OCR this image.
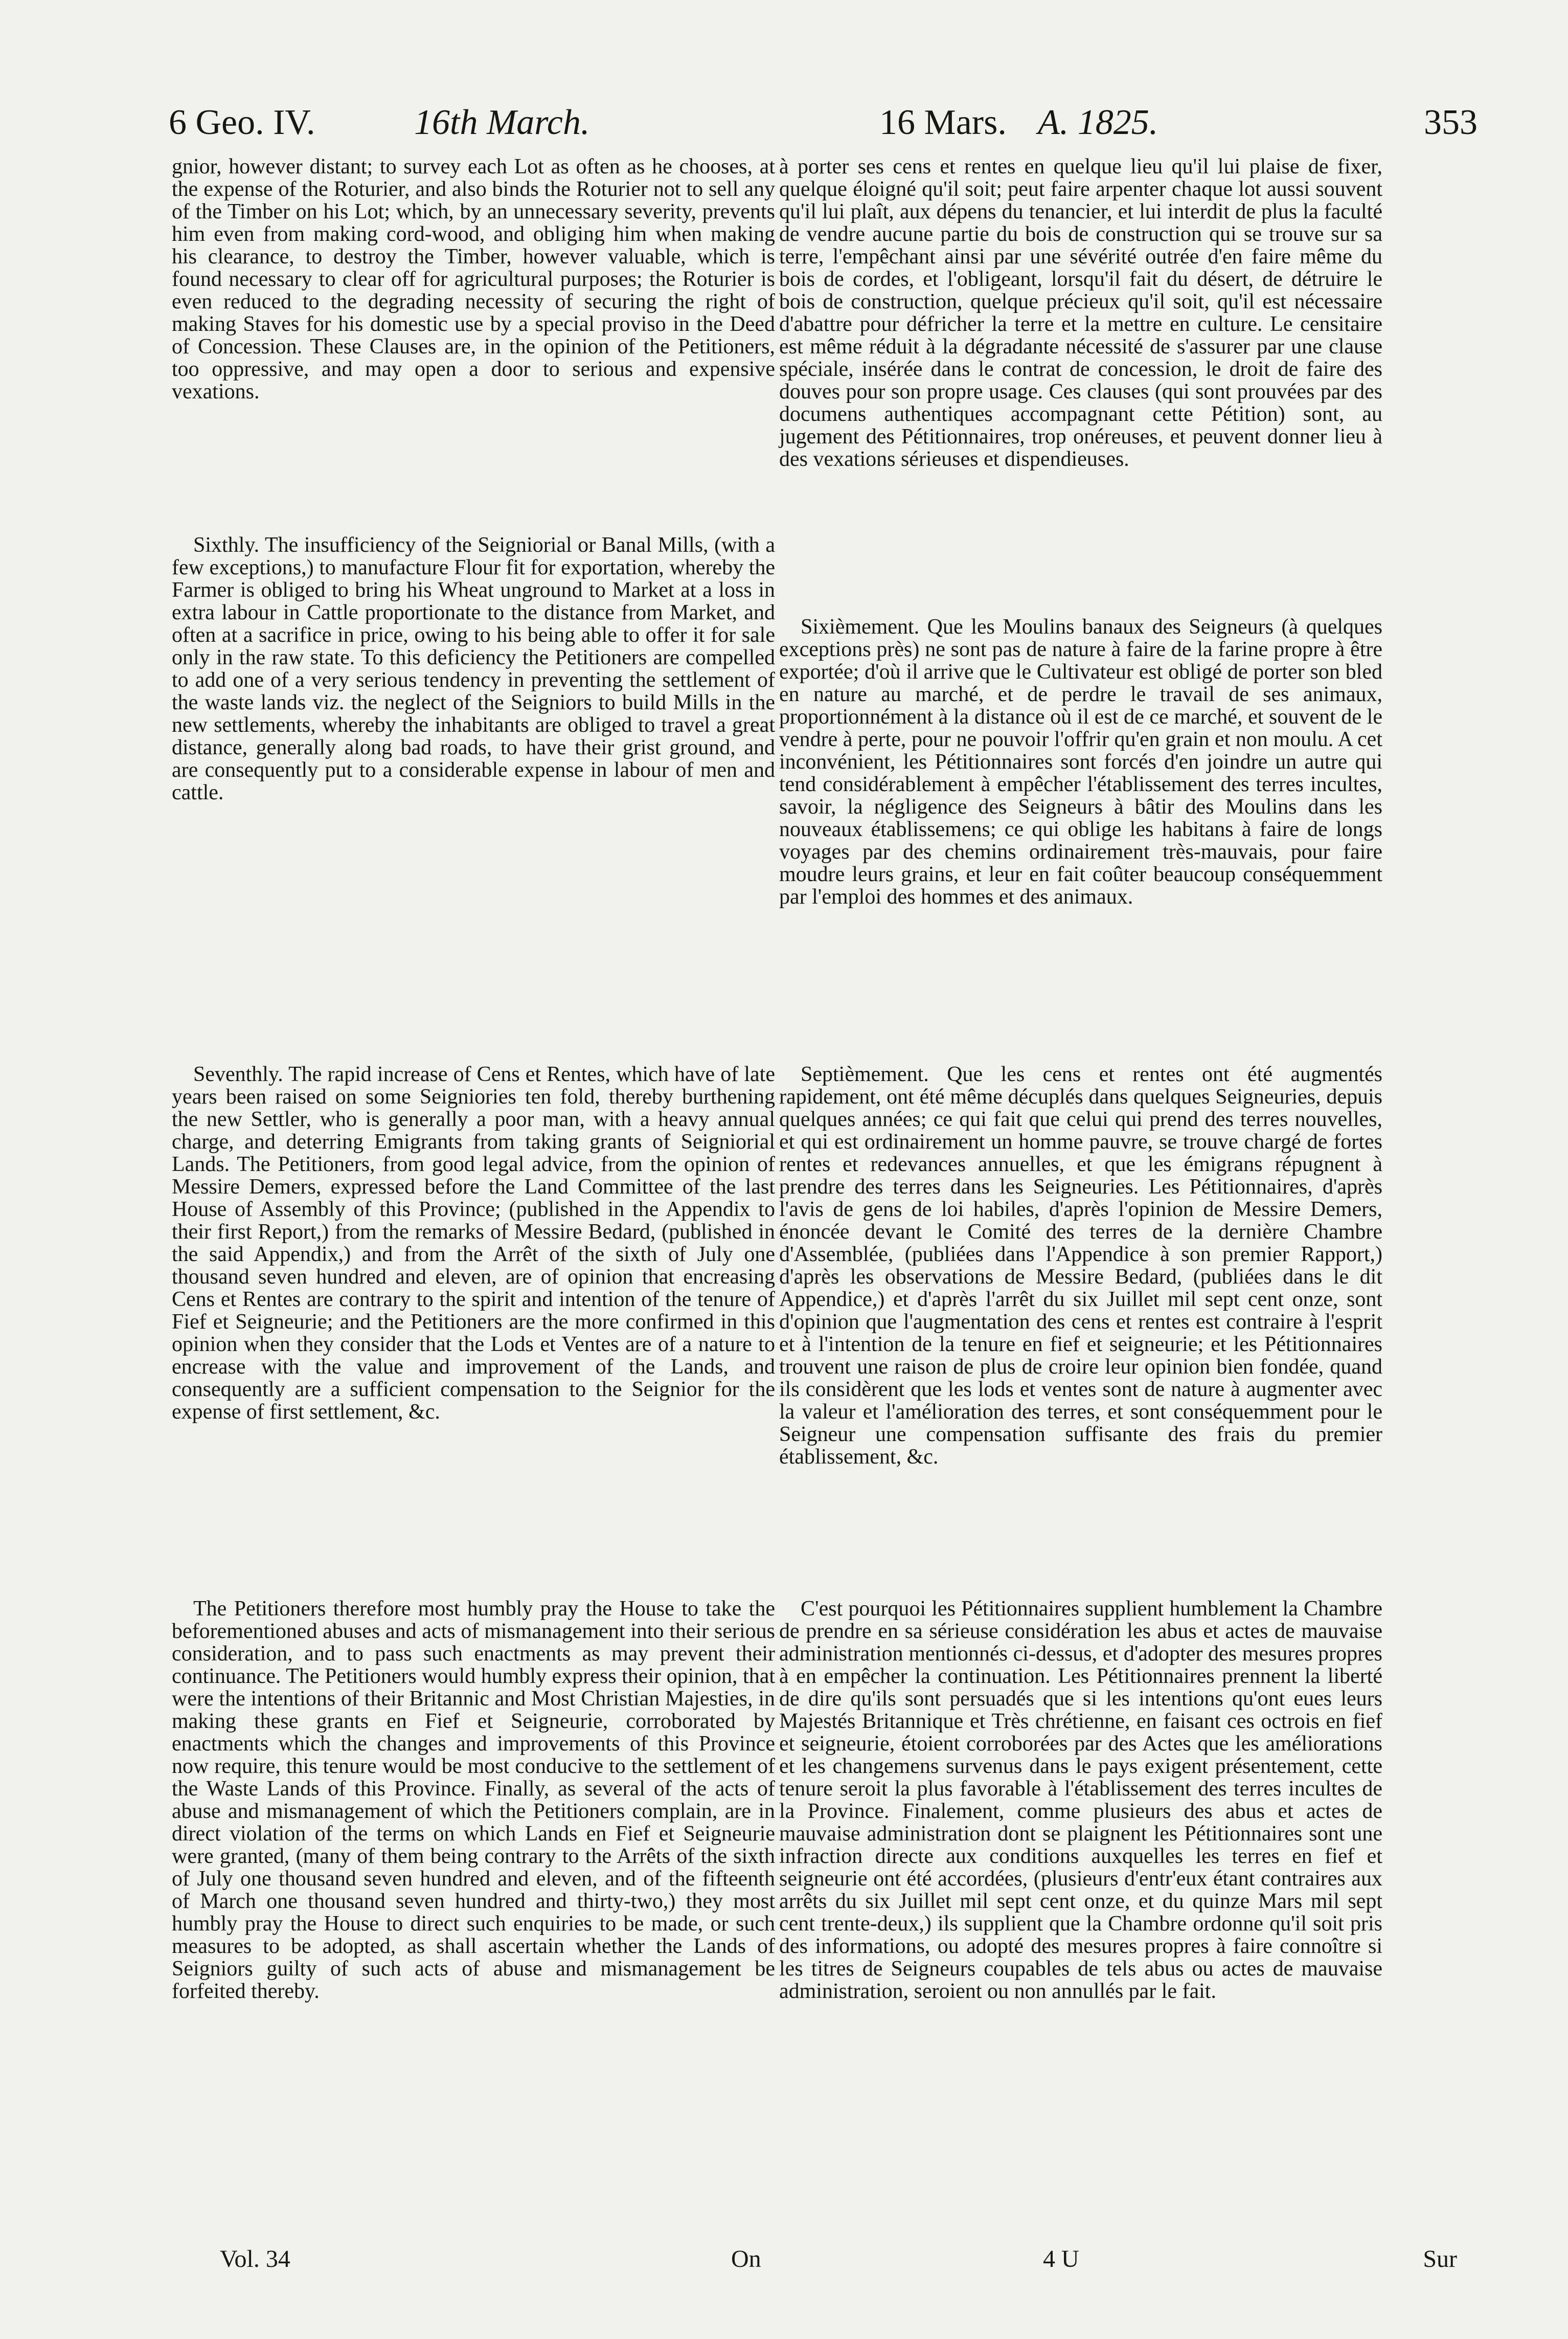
6 Geo. IV.	16th March.	16 Mars. A. 1825.	353

gnior, however distant; to survey each Lot as often as he chooses, at the expense of the Roturier, and also binds the Roturier not to sell any of the Timber on his Lot; which, by an unnecessary severity, prevents him even from making cord-wood, and obliging him when making his clearance, to destroy the Timber, however valuable, which is found necessary to clear off for agricultural purposes; the Roturier is even reduced to the degrading necessity of securing the right of making Staves for his domestic use by a special proviso in the Deed of Concession. These Clauses are, in the opinion of the Petitioners, too oppressive, and may open a door to serious and expensive vexations.

Sixthly. The insufficiency of the Seigniorial or Banal Mills, (with a few exceptions,) to manufacture Flour fit for exportation, whereby the Farmer is obliged to bring his Wheat unground to Market at a loss in extra labour in Cattle proportionate to the distance from Market, and often at a sacrifice in price, owing to his being able to offer it for sale only in the raw state. To this deficiency the Petitioners are compelled to add one of a very serious tendency in preventing the settlement of the waste lands viz. the neglect of the Seigniors to build Mills in the new settlements, whereby the inhabitants are obliged to travel a great distance, generally along bad roads, to have their grist ground, and are consequently put to a considerable expense in labour of men and cattle.

Seventhly. The rapid increase of Cens et Rentes, which have of late years been raised on some Seigniories ten fold, thereby burthening the new Settler, who is generally a poor man, with a heavy annual charge, and deterring Emigrants from taking grants of Seigniorial Lands. The Petitioners, from good legal advice, from the opinion of Messire Demers, expressed before the Land Committee of the last House of Assembly of this Province; (published in the Appendix to their first Report,) from the remarks of Messire Bedard, (published in the said Appendix,) and from the Arrêt of the sixth of July one thousand seven hundred and eleven, are of opinion that encreasing Cens et Rentes are contrary to the spirit and intention of the tenure of Fief et Seigneurie; and the Petitioners are the more confirmed in this opinion when they consider that the Lods et Ventes are of a nature to encrease with the value and improvement of the Lands, and consequently are a sufficient compensation to the Seignior for the expense of first settlement, &c.

The Petitioners therefore most humbly pray the House to take the beforementioned abuses and acts of mismanagement into their serious consideration, and to pass such enactments as may prevent their continuance. The Petitioners would humbly express their opinion, that were the intentions of their Britannic and Most Christian Majesties, in making these grants en Fief et Seigneurie, corroborated by enactments which the changes and improvements of this Province now require, this tenure would be most conducive to the settlement of the Waste Lands of this Province. Finally, as several of the acts of abuse and mismanagement of which the Petitioners complain, are in direct violation of the terms on which Lands en Fief et Seigneurie were granted, (many of them being contrary to the Arrêts of the sixth of July one thousand seven hundred and eleven, and of the fifteenth of March one thousand seven hundred and thirty-two,) they most humbly pray the House to direct such enquiries to be made, or such measures to be adopted, as shall ascertain whether the Lands of Seigniors guilty of such acts of abuse and mismanagement be forfeited thereby.

à porter ses cens et rentes en quelque lieu qu'il lui plaise de fixer, quelque éloigné qu'il soit; peut faire arpenter chaque lot aussi souvent qu'il lui plaît, aux dépens du tenancier, et lui interdit de plus la faculté de vendre aucune partie du bois de construction qui se trouve sur sa terre, l'empêchant ainsi par une sévérité outrée d'en faire même du bois de cordes, et l'obligeant, lorsqu'il fait du désert, de détruire le bois de construction, quelque précieux qu'il soit, qu'il est nécessaire d'abattre pour défricher la terre et la mettre en culture. Le censitaire est même réduit à la dégradante nécessité de s'assurer par une clause spéciale, insérée dans le contrat de concession, le droit de faire des douves pour son propre usage. Ces clauses (qui sont prouvées par des documens authentiques accompagnant cette Pétition) sont, au jugement des Pétitionnaires, trop onéreuses, et peuvent donner lieu à des vexations sérieuses et dispendieuses.

Sixièmement. Que les Moulins banaux des Seigneurs (à quelques exceptions près) ne sont pas de nature à faire de la farine propre à être exportée; d'où il arrive que le Cultivateur est obligé de porter son bled en nature au marché, et de perdre le travail de ses animaux, proportionnément à la distance où il est de ce marché, et souvent de le vendre à perte, pour ne pouvoir l'offrir qu'en grain et non moulu. A cet inconvénient, les Pétitionnaires sont forcés d'en joindre un autre qui tend considérablement à empêcher l'établissement des terres incultes, savoir, la négligence des Seigneurs à bâtir des Moulins dans les nouveaux établissemens; ce qui oblige les habitans à faire de longs voyages par des chemins ordinairement très-mauvais, pour faire moudre leurs grains, et leur en fait coûter beaucoup conséquemment par l'emploi des hommes et des animaux.

Septièmement. Que les cens et rentes ont été augmentés rapidement, ont été même décuplés dans quelques Seigneuries, depuis quelques années; ce qui fait que celui qui prend des terres nouvelles, et qui est ordinairement un homme pauvre, se trouve chargé de fortes rentes et redevances annuelles, et que les émigrans répugnent à prendre des terres dans les Seigneuries. Les Pétitionnaires, d'après l'avis de gens de loi habiles, d'après l'opinion de Messire Demers, énoncée devant le Comité des terres de la dernière Chambre d'Assemblée, (publiées dans l'Appendice à son premier Rapport,) d'après les observations de Messire Bedard, (publiées dans le dit Appendice,) et d'après l'arrêt du six Juillet mil sept cent onze, sont d'opinion que l'augmentation des cens et rentes est contraire à l'esprit et à l'intention de la tenure en fief et seigneurie; et les Pétitionnaires trouvent une raison de plus de croire leur opinion bien fondée, quand ils considèrent que les lods et ventes sont de nature à augmenter avec la valeur et l'amélioration des terres, et sont conséquemment pour le Seigneur une compensation suffisante des frais du premier établissement, &c.

C'est pourquoi les Pétitionnaires supplient humblement la Chambre de prendre en sa sérieuse considération les abus et actes de mauvaise administration mentionnés ci-dessus, et d'adopter des mesures propres à en empêcher la continuation. Les Pétitionnaires prennent la liberté de dire qu'ils sont persuadés que si les intentions qu'ont eues leurs Majestés Britannique et Très chrétienne, en faisant ces octrois en fief et seigneurie, étoient corroborées par des Actes que les améliorations et les changemens survenus dans le pays exigent présentement, cette tenure seroit la plus favorable à l'établissement des terres incultes de la Province. Finalement, comme plusieurs des abus et actes de mauvaise administration dont se plaignent les Pétitionnaires sont une infraction directe aux conditions auxquelles les terres en fief et seigneurie ont été accordées, (plusieurs d'entr'eux étant contraires aux arrêts du six Juillet mil sept cent onze, et du quinze Mars mil sept cent trente-deux,) ils supplient que la Chambre ordonne qu'il soit pris des informations, ou adopté des mesures propres à faire connoître si les titres de Seigneurs coupables de tels abus ou actes de mauvaise administration, seroient ou non annullés par le fait.

Vol. 34	On	4 U	Sur
